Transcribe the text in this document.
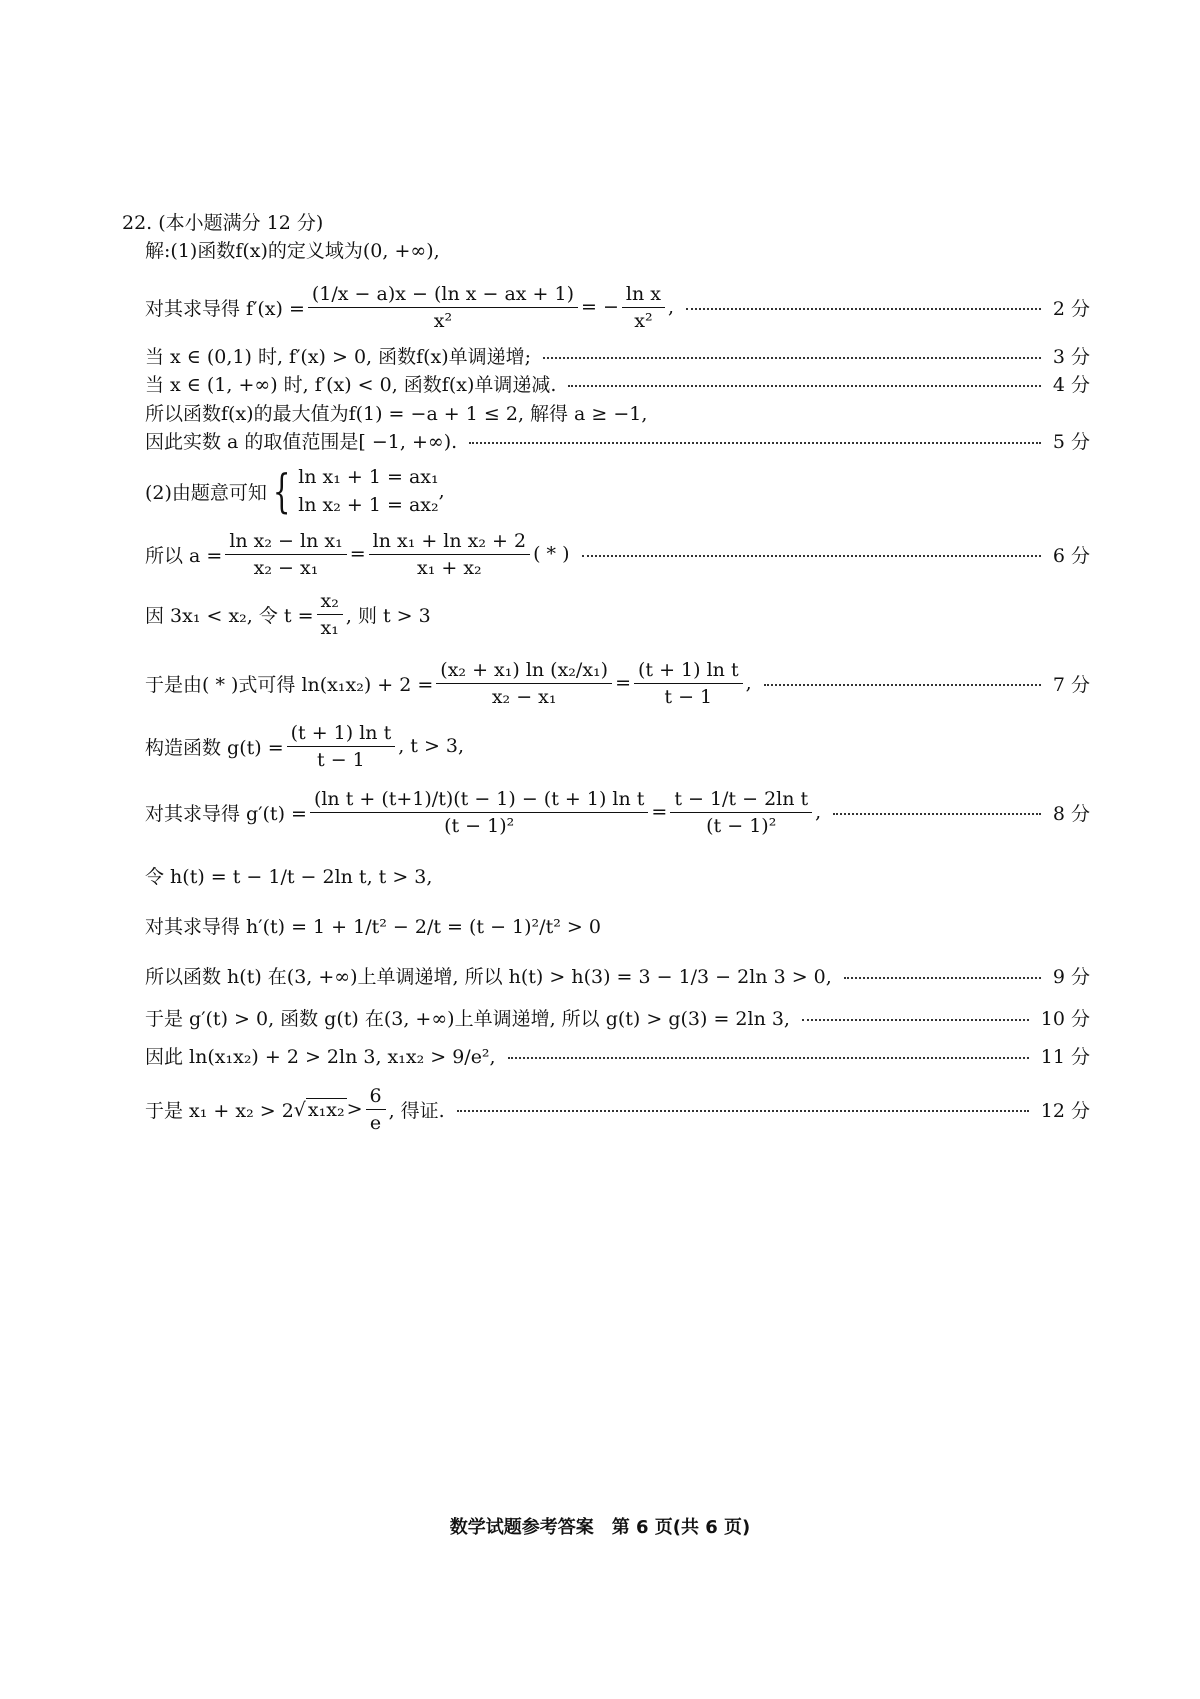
22. (本小题满分 12 分)
解:(1)函数f(x)的定义域为(0, +∞),
对其求导得 $f'(x) = \frac{\text{(1/x − a)x − (ln x − ax + 1)}}{\text{x²}}$ = − $\frac{\text{ln x}}{\text{x²}}$ ,	2 分
当 x ∈ (0,1) 时, f′(x) > 0, 函数f(x)单调递增;	3 分
当 x ∈ (1, +∞) 时, f′(x) < 0, 函数f(x)单调递减.	4 分
所以函数f(x)的最大值为f(1) = −a + 1 ≤ 2, 解得 a ≥ −1,
因此实数 a 的取值范围是[ −1, +∞).	5 分
(2)由题意可知 { ln x₁ + 1 = ax₁
ln x₂ + 1 = ax₂
,
所以 $a = \frac{\text{ln x₂ − ln x₁}}{\text{x₂ − x₁}} = \frac{\text{ln x₁ + ln x₂ + 2}}{\text{x₁ + x₂}}$ ( * )	6 分
因 3x₁ < x₂, 令 $t = \frac{\text{x₂}}{\text{x₁}}$ , 则 t > 3
于是由( * )式可得 $\ln(x_1x_2) + 2 = \frac{\text{(x₂ + x₁) ln (x₂/x₁)}}{\text{x₂ − x₁}} = \frac{\text{(t + 1) ln t}}{t - 1}$ ,	7 分
构造函数 $g(t) = \frac{\text{(t + 1) ln t}}{t - 1}$ , t > 3,
对其求导得 $g'(t) = \frac{\text{(ln t + (t+1)/t)(t − 1) − (t + 1) ln t}}{\text{(t − 1)²}} = \frac{\text{t − 1/t − 2ln t}}{\text{(t − 1)²}}$ ,	8 分
令 h(t) = t − 1/t − 2ln t, t > 3,
对其求导得 h′(t) = 1 + 1/t² − 2/t = (t − 1)²/t² > 0
所以函数 h(t) 在(3, +∞)上单调递增, 所以 h(t) > h(3) = 3 − 1/3 − 2ln 3 > 0,	9 分
于是 g′(t) > 0, 函数 g(t) 在(3, +∞)上单调递增, 所以 g(t) > g(3) = 2ln 3,	10 分
因此 ln(x₁x₂) + 2 > 2ln 3, x₁x₂ > 9/e²,	11 分
于是 x₁ + x₂ > 2 √ $x_1x_2 > \frac{6}{e}$ , 得证.	12 分
数学试题参考答案　第 6 页(共 6 页)
